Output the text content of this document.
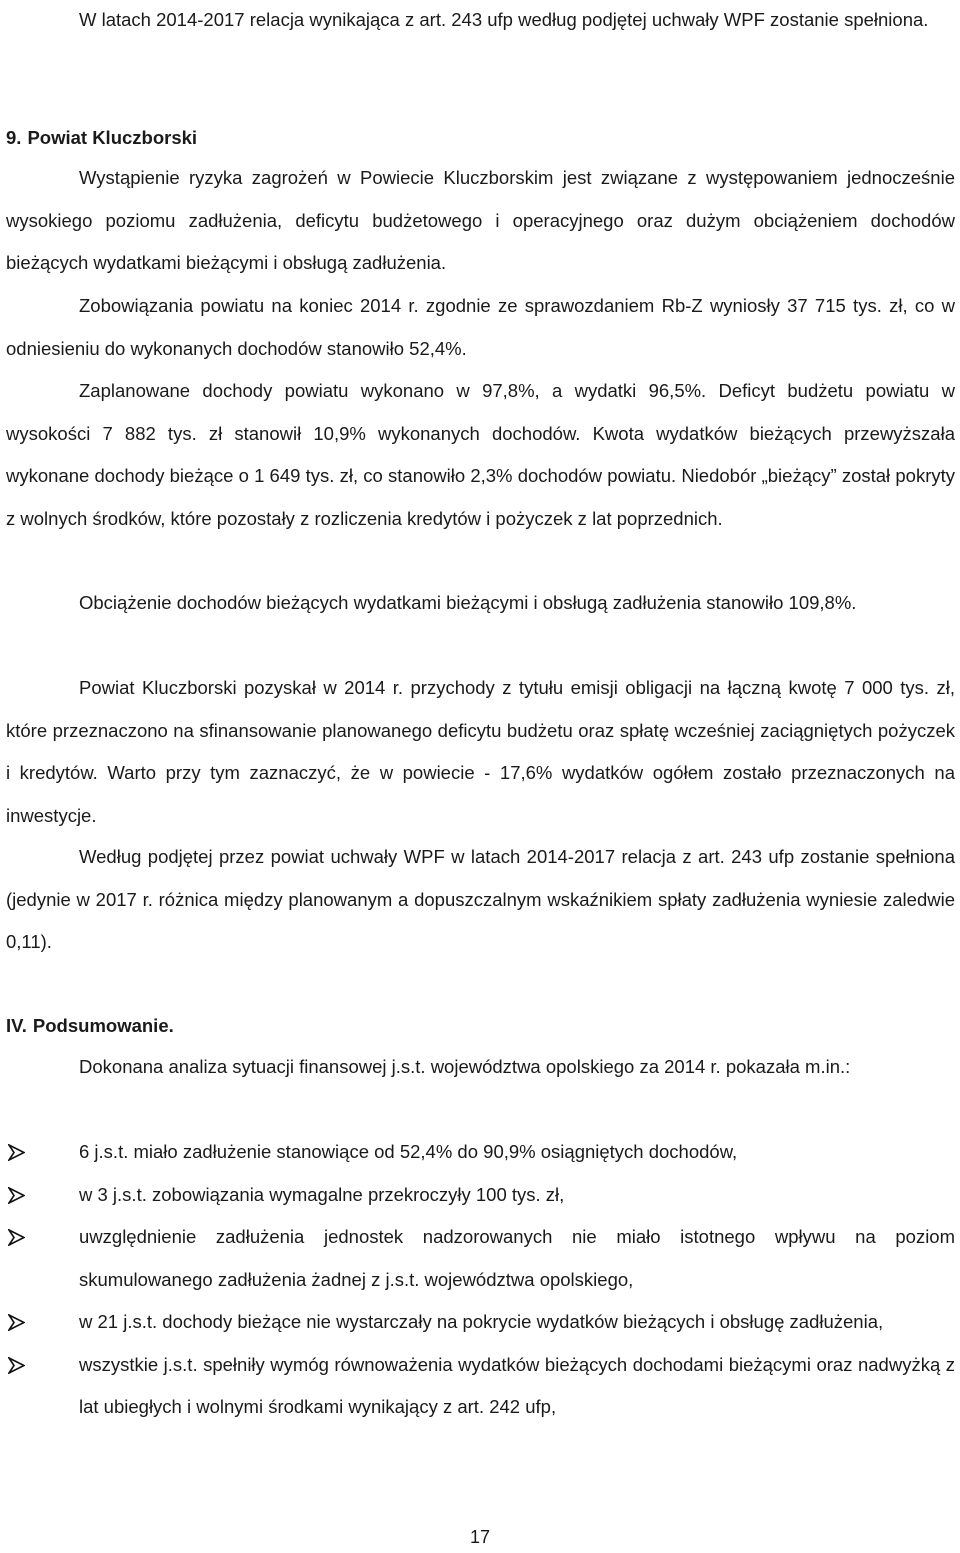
W latach 2014-2017 relacja wynikająca z art. 243 ufp według podjętej uchwały WPF zostanie spełniona.

9. Powiat Kluczborski

Wystąpienie ryzyka zagrożeń w Powiecie Kluczborskim jest związane z występowaniem jednocześnie wysokiego poziomu zadłużenia, deficytu budżetowego i operacyjnego oraz dużym obciążeniem dochodów bieżących wydatkami bieżącymi i obsługą zadłużenia.

Zobowiązania powiatu na koniec 2014 r. zgodnie ze sprawozdaniem Rb-Z wyniosły 37 715 tys. zł, co w odniesieniu do wykonanych dochodów stanowiło 52,4%.

Zaplanowane dochody powiatu wykonano w 97,8%, a wydatki 96,5%. Deficyt budżetu powiatu w wysokości 7 882 tys. zł stanowił 10,9% wykonanych dochodów. Kwota wydatków bieżących przewyższała wykonane dochody bieżące o 1 649 tys. zł, co stanowiło 2,3% dochodów powiatu. Niedobór „bieżący” został pokryty z wolnych środków, które pozostały z rozliczenia kredytów i pożyczek z lat poprzednich.

Obciążenie dochodów bieżących wydatkami bieżącymi i obsługą zadłużenia stanowiło 109,8%.

Powiat Kluczborski pozyskał w 2014 r. przychody z tytułu emisji obligacji na łączną kwotę 7 000 tys. zł, które przeznaczono na sfinansowanie planowanego deficytu budżetu oraz spłatę wcześniej zaciągniętych pożyczek i kredytów. Warto przy tym zaznaczyć, że w powiecie - 17,6% wydatków ogółem zostało przeznaczonych na inwestycje.

Według podjętej przez powiat uchwały WPF w latach 2014-2017 relacja z art. 243 ufp zostanie spełniona (jedynie w 2017 r. różnica między planowanym a dopuszczalnym wskaźnikiem spłaty zadłużenia wyniesie zaledwie 0,11).

IV. Podsumowanie.

Dokonana analiza sytuacji finansowej j.s.t. województwa opolskiego za 2014 r. pokazała m.in.:

6 j.s.t. miało zadłużenie stanowiące od 52,4% do 90,9% osiągniętych dochodów,
w 3 j.s.t. zobowiązania wymagalne przekroczyły 100 tys. zł,
uwzględnienie zadłużenia jednostek nadzorowanych nie miało istotnego wpływu na poziom skumulowanego zadłużenia żadnej z j.s.t. województwa opolskiego,
w 21 j.s.t. dochody bieżące nie wystarczały na pokrycie wydatków bieżących i obsługę zadłużenia,
wszystkie j.s.t. spełniły wymóg równoważenia wydatków bieżących dochodami bieżącymi oraz nadwyżką z lat ubiegłych i wolnymi środkami wynikający z art. 242 ufp,
17
